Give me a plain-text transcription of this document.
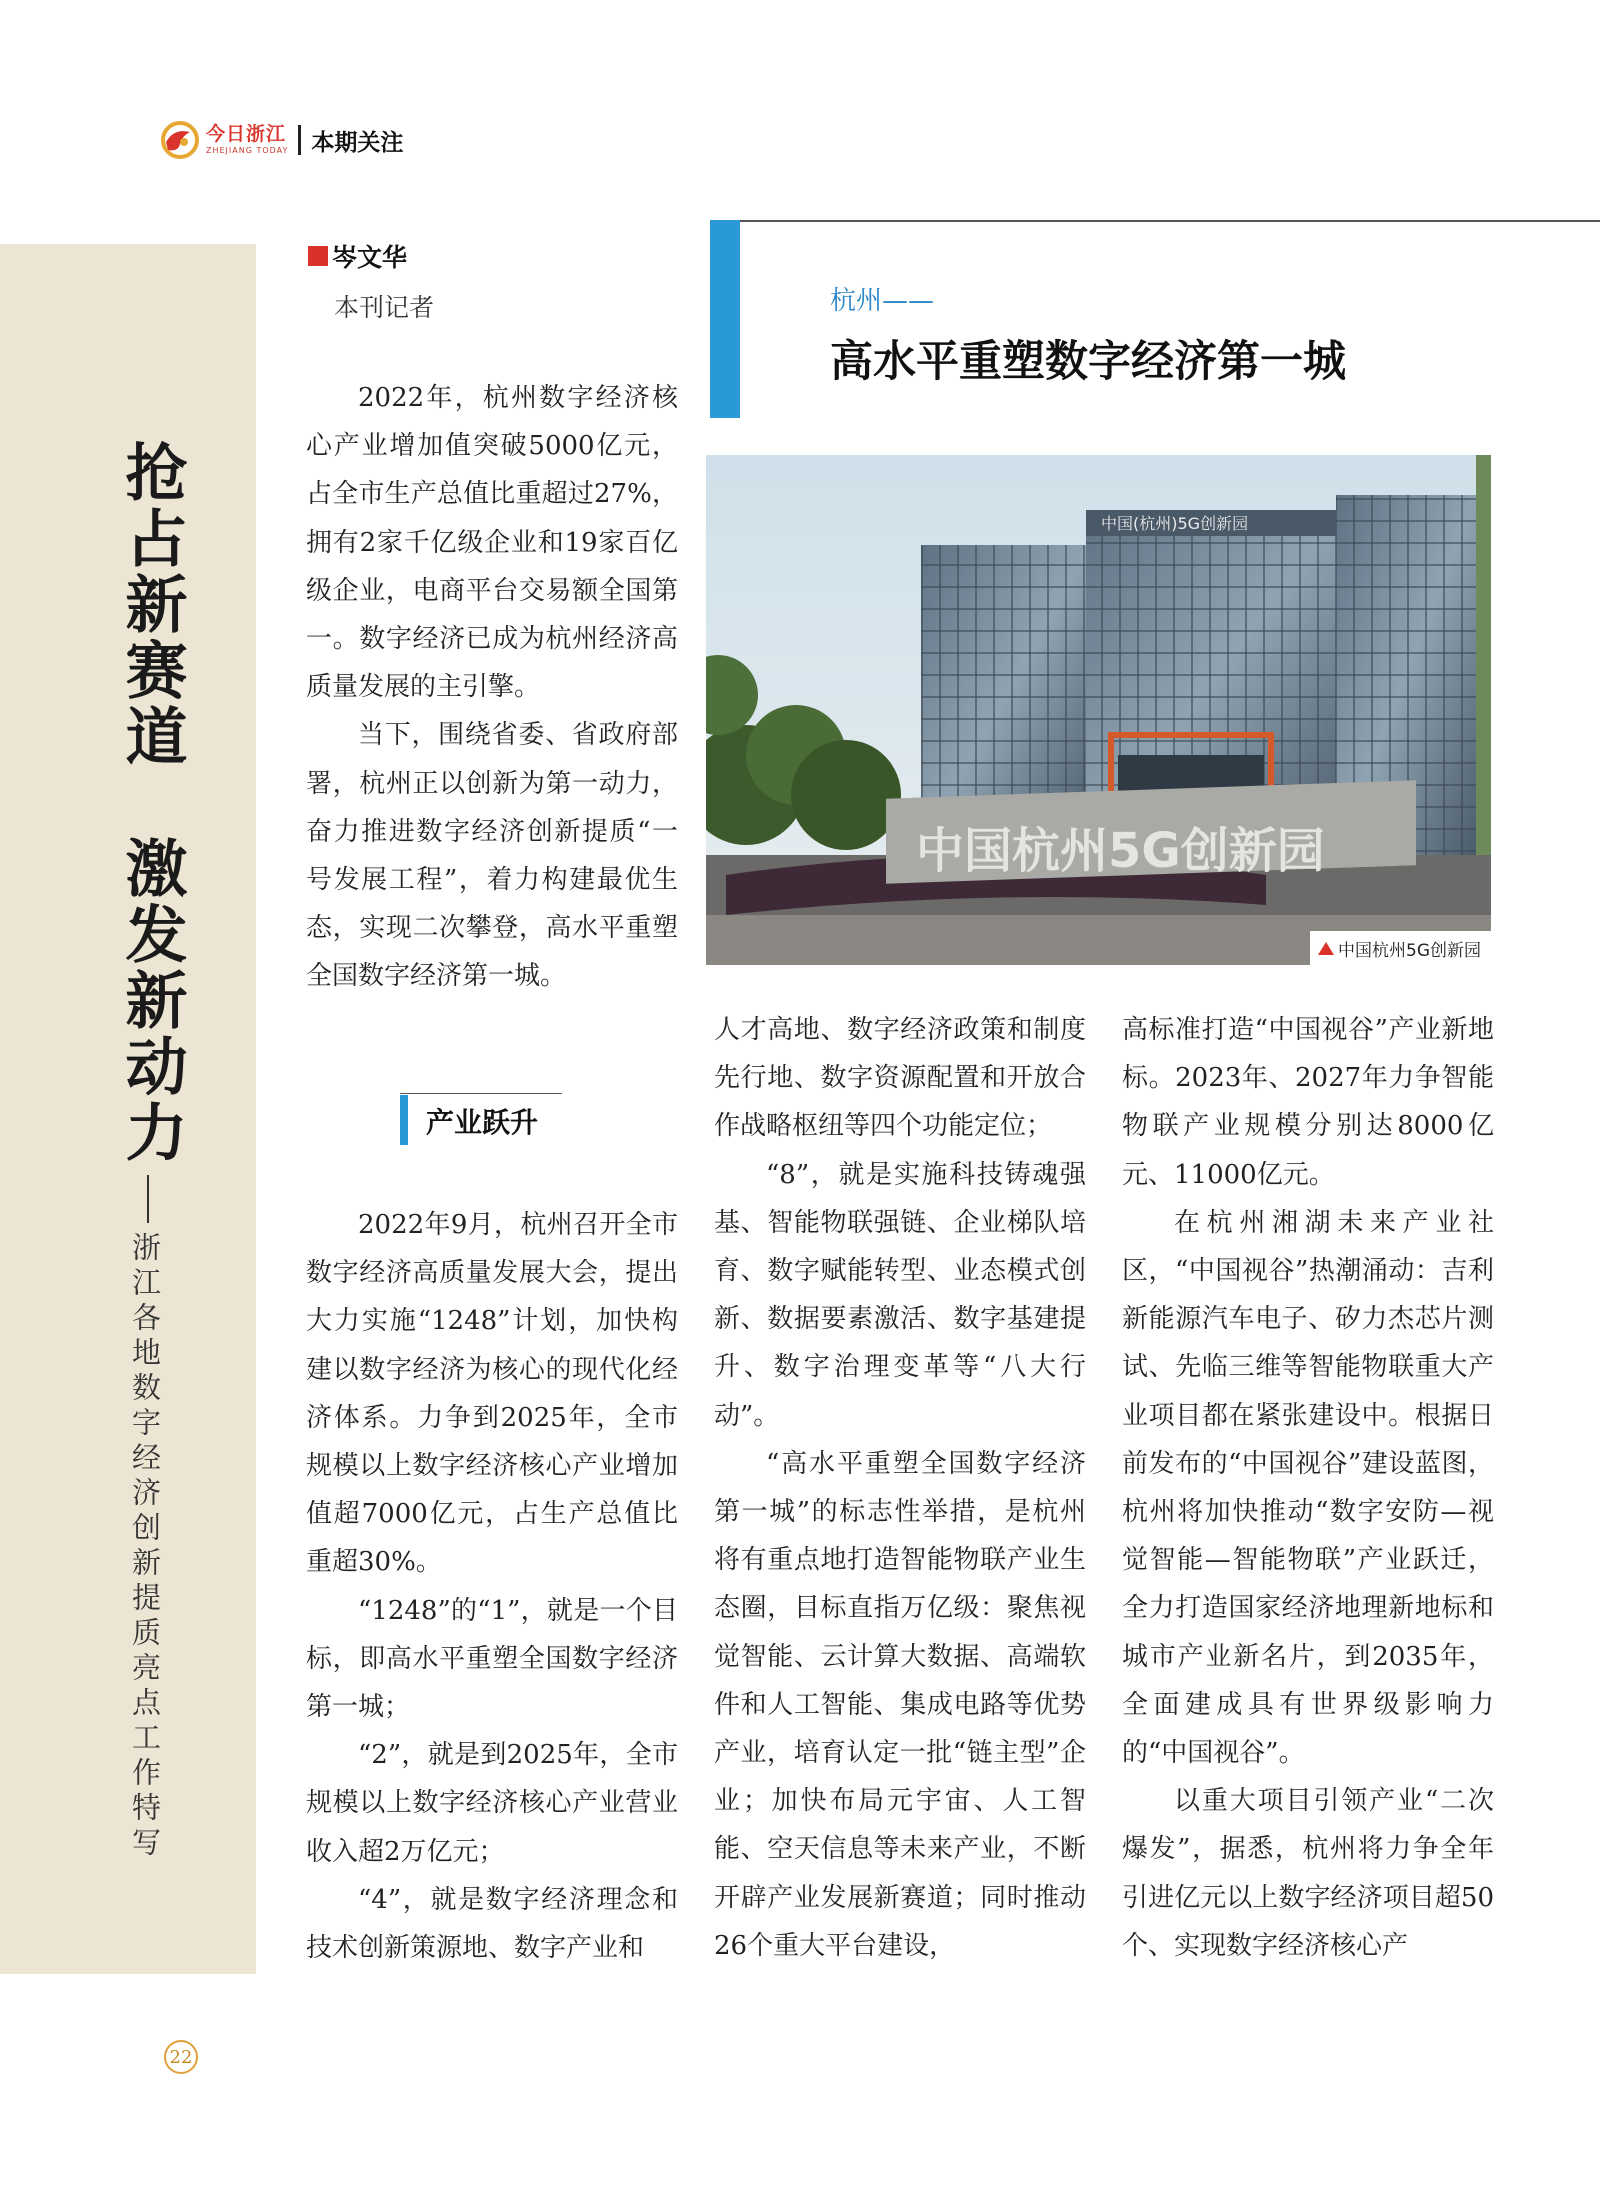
今日浙江
ZHEJIANG TODAY 本期关注
抢占新赛道　激发新动力
浙江各地数字经济创新提质亮点工作特写
岑文华
本刊记者	杭州——
高水平重塑数字经济第一城
中国杭州5G创新园
中国(杭州)5G创新园
中国杭州5G创新园

2022年，杭州数字经济核心产业增加值突破5000亿元，占全市生产总值比重超过27%，拥有2家千亿级企业和19家百亿级企业，电商平台交易额全国第一。数字经济已成为杭州经济高质量发展的主引擎。

当下，围绕省委、省政府部署，杭州正以创新为第一动力，奋力推进数字经济创新提质“一号发展工程”，着力构建最优生态，实现二次攀登，高水平重塑全国数字经济第一城。

产业跃升

2022年9月，杭州召开全市数字经济高质量发展大会，提出大力实施“1248”计划，加快构建以数字经济为核心的现代化经济体系。力争到2025年，全市规模以上数字经济核心产业增加值超7000亿元，占生产总值比重超30%。

“1248”的“1”，就是一个目标，即高水平重塑全国数字经济第一城；

“2”，就是到2025年，全市规模以上数字经济核心产业营业收入超2万亿元；

“4”，就是数字经济理念和技术创新策源地、数字产业和

人才高地、数字经济政策和制度先行地、数字资源配置和开放合作战略枢纽等四个功能定位；

“8”，就是实施科技铸魂强基、智能物联强链、企业梯队培育、数字赋能转型、业态模式创新、数据要素激活、数字基建提升、数字治理变革等“八大行动”。

“高水平重塑全国数字经济第一城”的标志性举措，是杭州将有重点地打造智能物联产业生态圈，目标直指万亿级：聚焦视觉智能、云计算大数据、高端软件和人工智能、集成电路等优势产业，培育认定一批“链主型”企业；加快布局元宇宙、人工智能、空天信息等未来产业，不断开辟产业发展新赛道；同时推动26个重大平台建设，

高标准打造“中国视谷”产业新地标。2023年、2027年力争智能物联产业规模分别达8000亿元、11000亿元。

在杭州湘湖未来产业社区，“中国视谷”热潮涌动：吉利新能源汽车电子、矽力杰芯片测试、先临三维等智能物联重大产业项目都在紧张建设中。根据日前发布的“中国视谷”建设蓝图，杭州将加快推动“数字安防—视觉智能—智能物联”产业跃迁，全力打造国家经济地理新地标和城市产业新名片，到2035年，全面建成具有世界级影响力的“中国视谷”。

以重大项目引领产业“二次爆发”，据悉，杭州将力争全年引进亿元以上数字经济项目超50个、实现数字经济核心产

22
